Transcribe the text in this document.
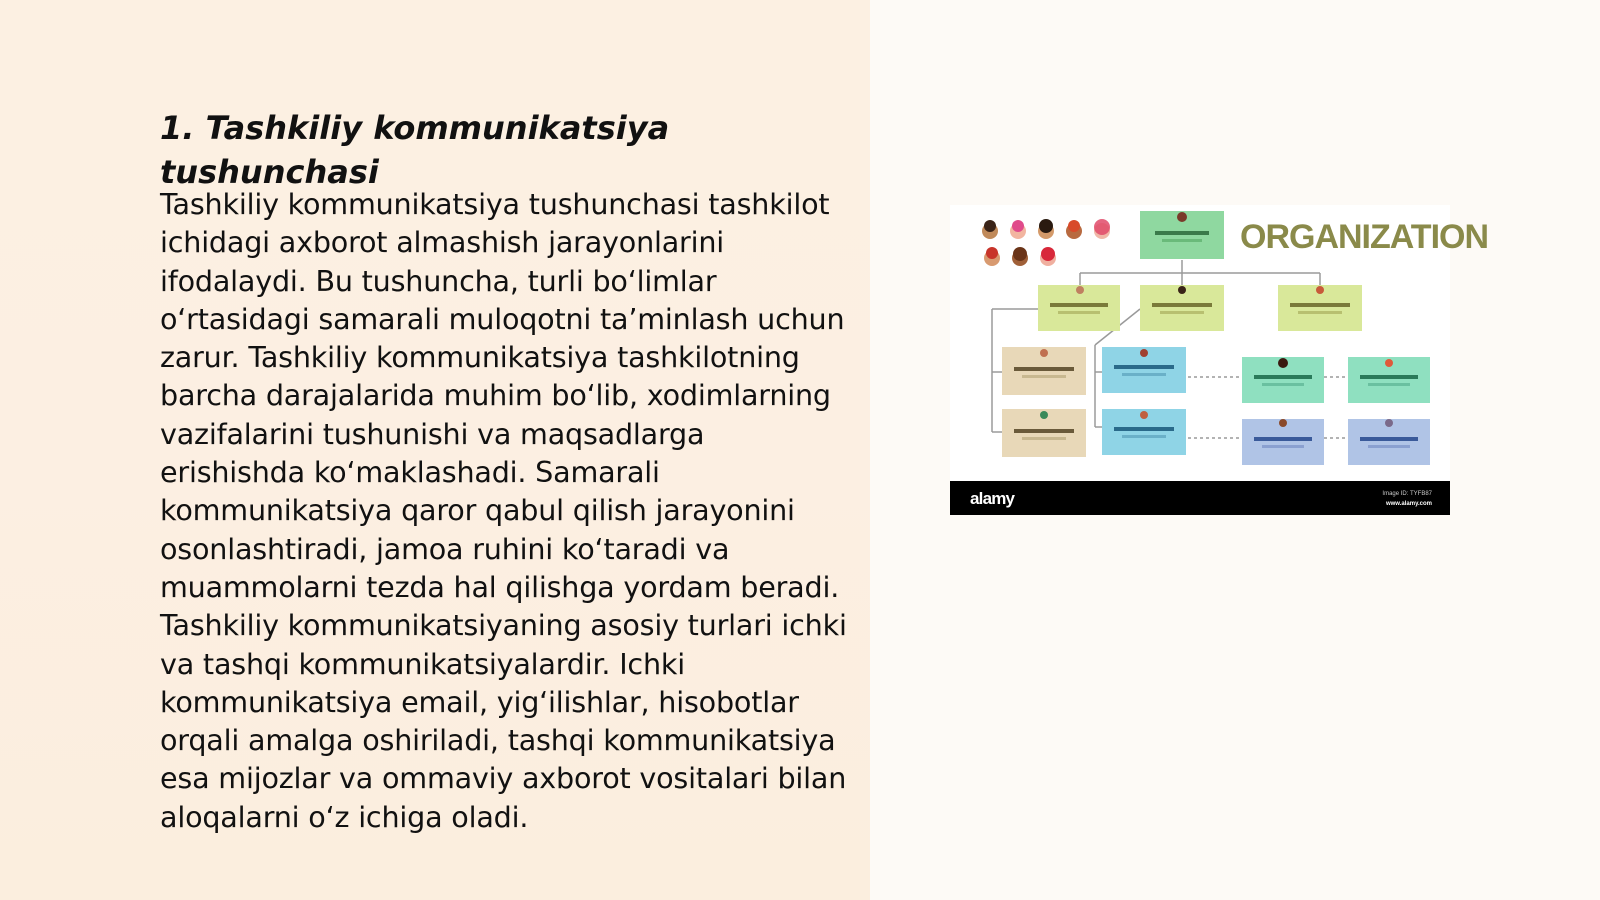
1. Tashkiliy kommunikatsiya tushunchasi

Tashkiliy kommunikatsiya tushunchasi tashkilot ichidagi axborot almashish jarayonlarini ifodalaydi. Bu tushuncha, turli bo‘limlar o‘rtasidagi samarali muloqotni ta’minlash uchun zarur. Tashkiliy kommunikatsiya tashkilotning barcha darajalarida muhim bo‘lib, xodimlarning vazifalarini tushunishi va maqsadlarga erishishda ko‘maklashadi. Samarali kommunikatsiya qaror qabul qilish jarayonini osonlashtiradi, jamoa ruhini ko‘taradi va muammolarni tezda hal qilishga yordam beradi. Tashkiliy kommunikatsiyaning asosiy turlari ichki va tashqi kommunikatsiyalardir. Ichki kommunikatsiya email, yig‘ilishlar, hisobotlar orqali amalga oshiriladi, tashqi kommunikatsiya esa mijozlar va ommaviy axborot vositalari bilan aloqalarni o‘z ichiga oladi.

ORGANIZATION
alamy	Image ID: TYFB87
www.alamy.com
